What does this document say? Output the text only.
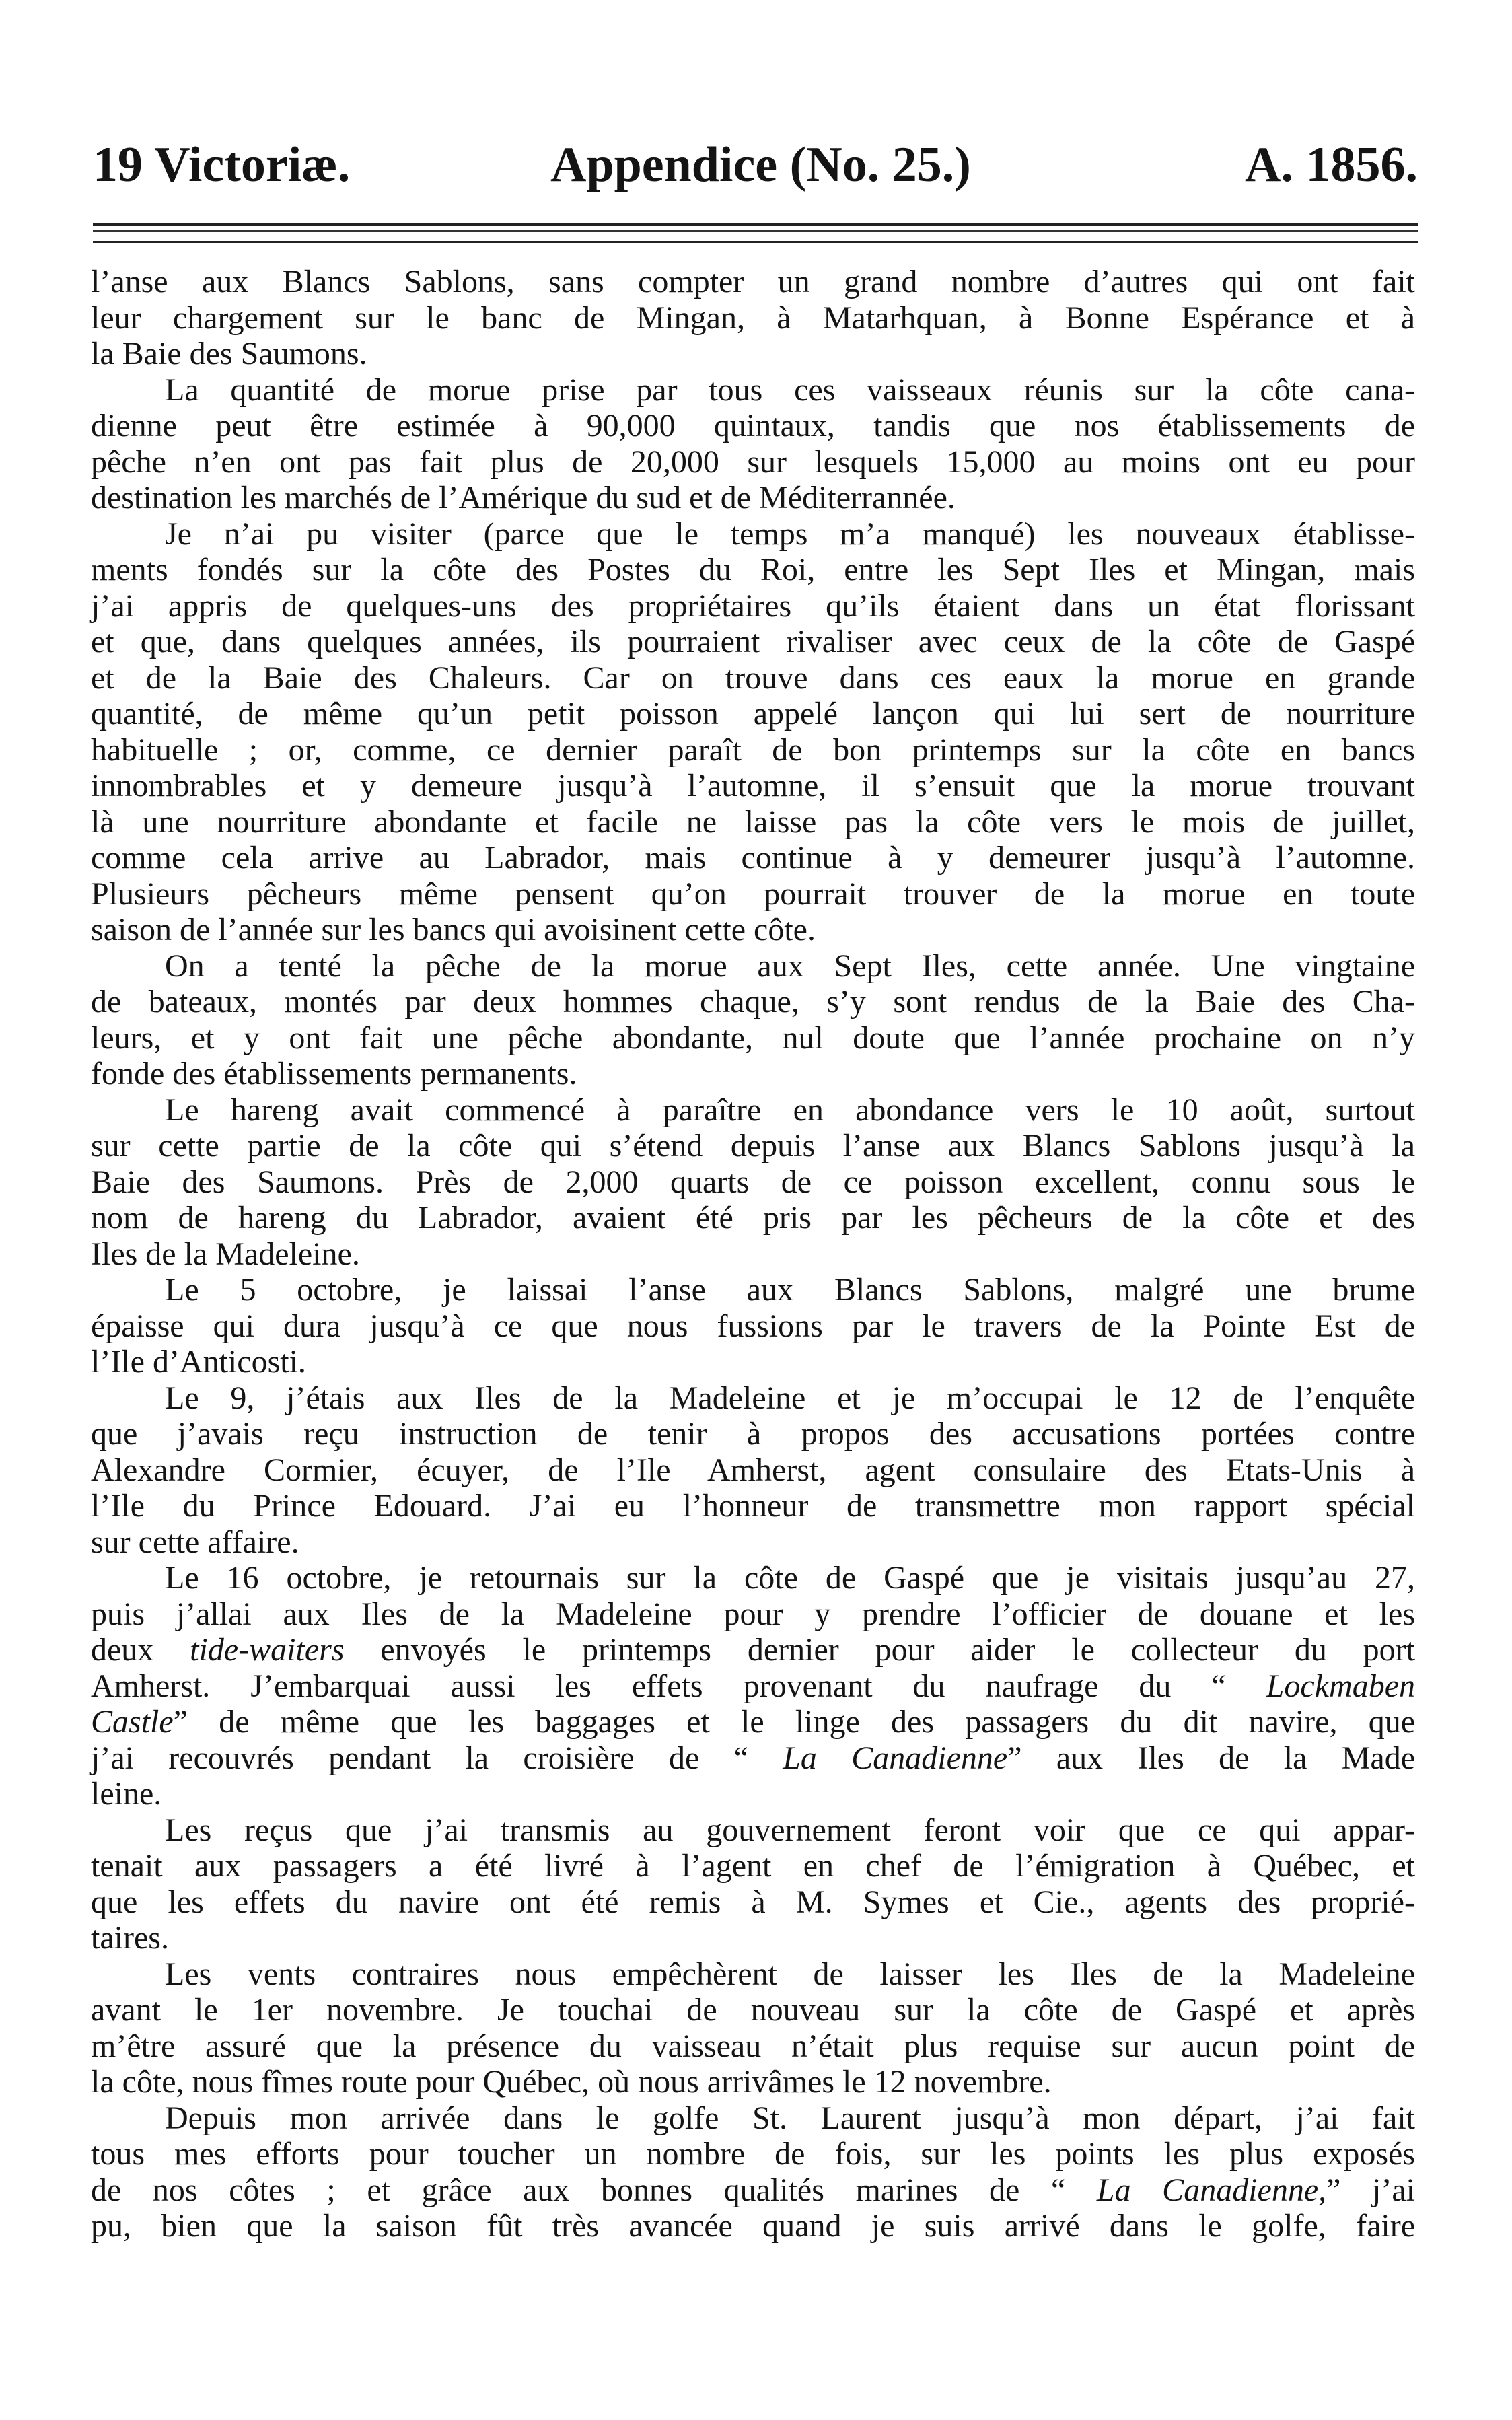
19 Victoriæ.	Appendice (No. 25.)	A. 1856.
l’anse aux Blancs Sablons, sans compter un grand nombre d’autres qui ont fait
leur chargement sur le banc de Mingan, à Matarhquan, à Bonne Espérance et à
la Baie des Saumons.
La quantité de morue prise par tous ces vaisseaux réunis sur la côte cana-
dienne peut être estimée à 90,000 quintaux, tandis que nos établissements de
pêche n’en ont pas fait plus de 20,000 sur lesquels 15,000 au moins ont eu pour
destination les marchés de l’Amérique du sud et de Méditerrannée.
Je n’ai pu visiter (parce que le temps m’a manqué) les nouveaux établisse-
ments fondés sur la côte des Postes du Roi, entre les Sept Iles et Mingan, mais
j’ai appris de quelques-uns des propriétaires qu’ils étaient dans un état florissant
et que, dans quelques années, ils pourraient rivaliser avec ceux de la côte de Gaspé
et de la Baie des Chaleurs. Car on trouve dans ces eaux la morue en grande
quantité, de même qu’un petit poisson appelé lançon qui lui sert de nourriture
habituelle ; or, comme, ce dernier paraît de bon printemps sur la côte en bancs
innombrables et y demeure jusqu’à l’automne, il s’ensuit que la morue trouvant
là une nourriture abondante et facile ne laisse pas la côte vers le mois de juillet,
comme cela arrive au Labrador, mais continue à y demeurer jusqu’à l’automne.
Plusieurs pêcheurs même pensent qu’on pourrait trouver de la morue en toute
saison de l’année sur les bancs qui avoisinent cette côte.
On a tenté la pêche de la morue aux Sept Iles, cette année. Une vingtaine
de bateaux, montés par deux hommes chaque, s’y sont rendus de la Baie des Cha-
leurs, et y ont fait une pêche abondante, nul doute que l’année prochaine on n’y
fonde des établissements permanents.
Le hareng avait commencé à paraître en abondance vers le 10 août, surtout
sur cette partie de la côte qui s’étend depuis l’anse aux Blancs Sablons jusqu’à la
Baie des Saumons. Près de 2,000 quarts de ce poisson excellent, connu sous le
nom de hareng du Labrador, avaient été pris par les pêcheurs de la côte et des
Iles de la Madeleine.
Le 5 octobre, je laissai l’anse aux Blancs Sablons, malgré une brume
épaisse qui dura jusqu’à ce que nous fussions par le travers de la Pointe Est de
l’Ile d’Anticosti.
Le 9, j’étais aux Iles de la Madeleine et je m’occupai le 12 de l’enquête
que j’avais reçu instruction de tenir à propos des accusations portées contre
Alexandre Cormier, écuyer, de l’Ile Amherst, agent consulaire des Etats-Unis à
l’Ile du Prince Edouard. J’ai eu l’honneur de transmettre mon rapport spécial
sur cette affaire.
Le 16 octobre, je retournais sur la côte de Gaspé que je visitais jusqu’au 27,
puis j’allai aux Iles de la Madeleine pour y prendre l’officier de douane et les
deux tide-waiters envoyés le printemps dernier pour aider le collecteur du port
Amherst. J’embarquai aussi les effets provenant du naufrage du “ Lockmaben
Castle” de même que les baggages et le linge des passagers du dit navire, que
j’ai recouvrés pendant la croisière de “ La Canadienne” aux Iles de la Made
leine.
Les reçus que j’ai transmis au gouvernement feront voir que ce qui appar-
tenait aux passagers a été livré à l’agent en chef de l’émigration à Québec, et
que les effets du navire ont été remis à M. Symes et Cie., agents des proprié-
taires.
Les vents contraires nous empêchèrent de laisser les Iles de la Madeleine
avant le 1er novembre. Je touchai de nouveau sur la côte de Gaspé et après
m’être assuré que la présence du vaisseau n’était plus requise sur aucun point de
la côte, nous fîmes route pour Québec, où nous arrivâmes le 12 novembre.
Depuis mon arrivée dans le golfe St. Laurent jusqu’à mon départ, j’ai fait
tous mes efforts pour toucher un nombre de fois, sur les points les plus exposés
de nos côtes ; et grâce aux bonnes qualités marines de “ La Canadienne,” j’ai
pu, bien que la saison fût très avancée quand je suis arrivé dans le golfe, faire
